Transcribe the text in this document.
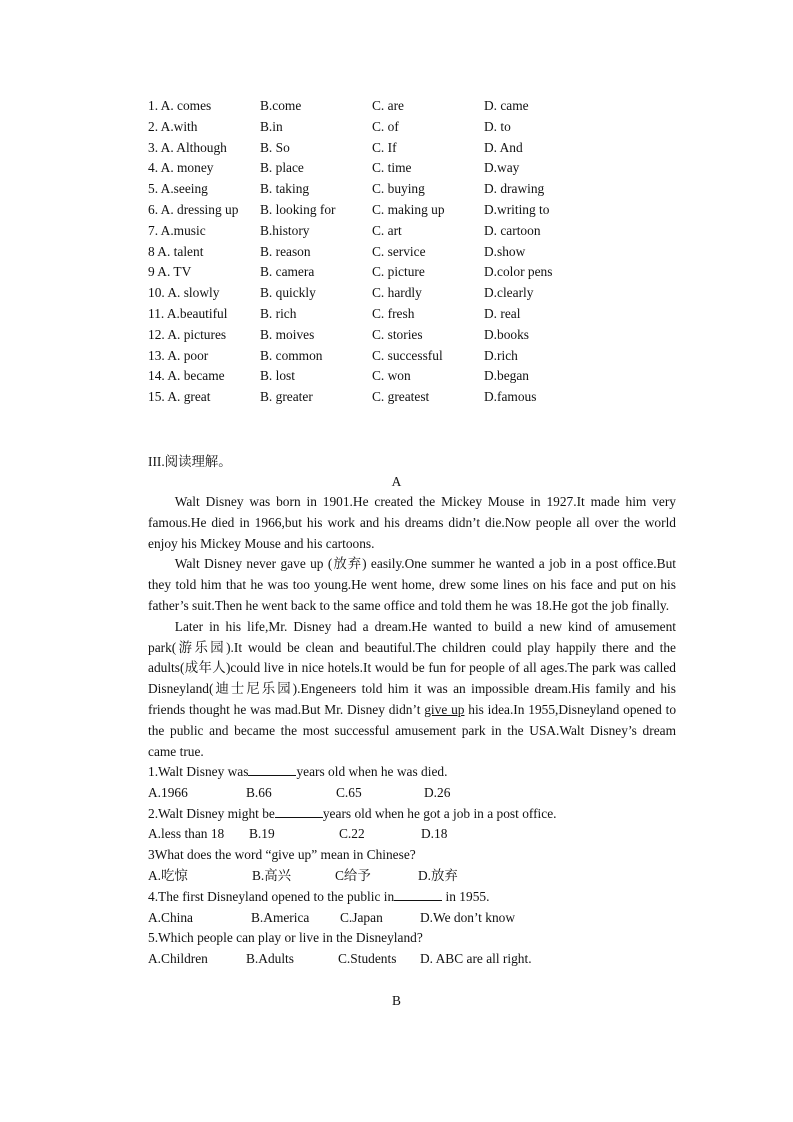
1. A. comes	B.come	C. are	D. came
2. A.with	B.in	C. of	D. to
3. A. Although	B. So	C. If	D. And
4. A. money	B. place	C. time	D.way
5. A.seeing	B. taking	C. buying	D. drawing
6. A. dressing up	B. looking for	C. making up	D.writing to
7. A.music	B.history	C. art	D. cartoon
8 A. talent	B. reason	C. service	D.show
9 A. TV	B. camera	C. picture	D.color pens
10. A. slowly	B. quickly	C. hardly	D.clearly
11. A.beautiful	B. rich	C. fresh	D. real
12. A. pictures	B. moives	C. stories	D.books
13. A. poor	B. common	C. successful	D.rich
14. A. became	B. lost	C. won	D.began
15. A. great	B. greater	C. greatest	D.famous
III.阅读理解。
A

Walt Disney was born in 1901.He created the Mickey Mouse in 1927.It made him very famous.He died in 1966,but his work and his dreams didn’t die.Now people all over the world enjoy his Mickey Mouse and his cartoons.

Walt Disney never gave up (放弃) easily.One summer he wanted a job in a post office.But they told him that he was too young.He went home, drew some lines on his face and put on his father’s suit.Then he went back to the same office and told them he was 18.He got the job finally.

Later in his life,Mr. Disney had a dream.He wanted to build a new kind of amusement park(游乐园).It would be clean and beautiful.The children could play happily there and the adults(成年人)could live in nice hotels.It would be fun for people of all ages.The park was called Disneyland(迪士尼乐园).Engeneers told him it was an impossible dream.His family and his friends thought he was mad.But Mr. Disney didn’t give up his idea.In 1955,Disneyland opened to the public and became the most successful amusement park in the USA.Walt Disney’s dream came true.

1.Walt Disney was	years old when he was died.
A.1966	B.66	C.65	D.26
2.Walt Disney might be	years old when he got a job in a post office.
A.less than 18	B.19	C.22	D.18
3What does the word “give up” mean in Chinese?
A.吃惊	B.高兴	C给予	D.放弃
4.The first Disneyland opened to the public in	in 1955.
A.China	B.America	C.Japan	D.We don’t know
5.Which people can play or live in the Disneyland?
A.Children	B.Adults	C.Students	D. ABC are all right.
B
